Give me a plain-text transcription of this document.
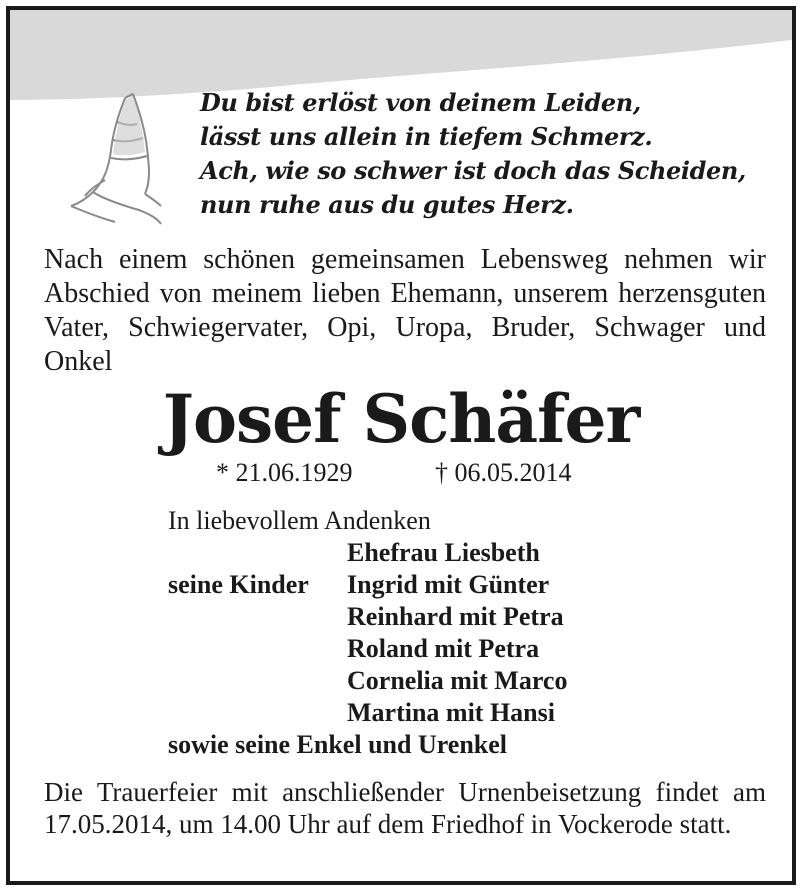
Du bist erlöst von deinem Leiden,
lässt uns allein in tiefem Schmerz.
Ach, wie so schwer ist doch das Scheiden,
nun ruhe aus du gutes Herz.
Nach einem schönen gemeinsamen Lebensweg nehmen wir Abschied von meinem lieben Ehemann, unserem herzensguten Vater, Schwiegervater, Opi, Uropa, Bruder, Schwager und Onkel
Josef Schäfer
* 21.06.1929	† 06.05.2014
In liebevollem Andenken
Ehefrau Liesbeth
seine Kinder Ingrid mit Günter
Reinhard mit Petra
Roland mit Petra
Cornelia mit Marco
Martina mit Hansi
sowie seine Enkel und Urenkel
Die Trauerfeier mit anschließender Urnenbeisetzung findet am 17.05.2014, um 14.00 Uhr auf dem Friedhof in Vockerode statt.
